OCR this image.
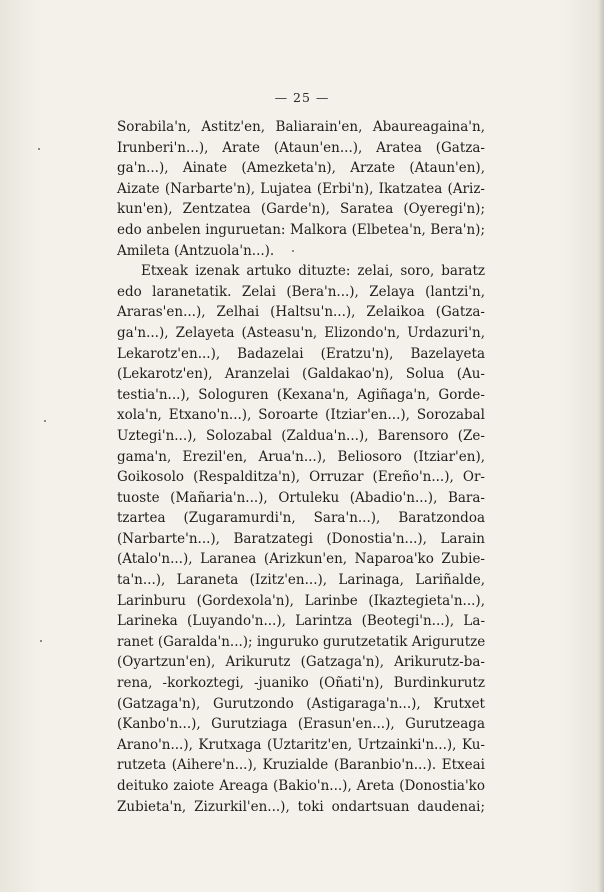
— 25 —
Sorabila'n, Astitz'en, Baliarain'en, Abaureagaina'n,
Irunberi'n...), Arate (Ataun'en...), Aratea (Gatza-
ga'n...), Ainate (Amezketa'n), Arzate (Ataun'en),
Aizate (Narbarte'n), Lujatea (Erbi'n), Ikatzatea (Ariz-
kun'en), Zentzatea (Garde'n), Saratea (Oyeregi'n);
edo anbelen inguruetan: Malkora (Elbetea'n, Bera'n);
Amileta (Antzuola'n...).
Etxeak izenak artuko dituzte: zelai, soro, baratz
edo laranetatik. Zelai (Bera'n...), Zelaya (lantzi'n,
Araras'en...), Zelhai (Haltsu'n...), Zelaikoa (Gatza-
ga'n...), Zelayeta (Asteasu'n, Elizondo'n, Urdazuri'n,
Lekarotz'en...), Badazelai (Eratzu'n), Bazelayeta
(Lekarotz'en), Aranzelai (Galdakao'n), Solua (Au-
testia'n...), Sologuren (Kexana'n, Agiñaga'n, Gorde-
xola'n, Etxano'n...), Soroarte (Itziar'en...), Sorozabal
Uztegi'n...), Solozabal (Zaldua'n...), Barensoro (Ze-
gama'n, Erezil'en, Arua'n...), Beliosoro (Itziar'en),
Goikosolo (Respalditza'n), Orruzar (Ereño'n...), Or-
tuoste (Mañaria'n...), Ortuleku (Abadio'n...), Bara-
tzartea (Zugaramurdi'n, Sara'n...), Baratzondoa
(Narbarte'n...), Baratzategi (Donostia'n...), Larain
(Atalo'n...), Laranea (Arizkun'en, Naparoa'ko Zubie-
ta'n...), Laraneta (Izitz'en...), Larinaga, Lariñalde,
Larinburu (Gordexola'n), Larinbe (Ikaztegieta'n...),
Larineka (Luyando'n...), Larintza (Beotegi'n...), La-
ranet (Garalda'n...); inguruko gurutzetatik Arigurutze
(Oyartzun'en), Arikurutz (Gatzaga'n), Arikurutz-ba-
rena, -korkoztegi, -juaniko (Oñati'n), Burdinkurutz
(Gatzaga'n), Gurutzondo (Astigaraga'n...), Krutxet
(Kanbo'n...), Gurutziaga (Erasun'en...), Gurutzeaga
Arano'n...), Krutxaga (Uztaritz'en, Urtzainki'n...), Ku-
rutzeta (Aihere'n...), Kruzialde (Baranbio'n...). Etxeai
deituko zaiote Areaga (Bakio'n...), Areta (Donostia'ko
Zubieta'n, Zizurkil'en...), toki ondartsuan daudenai;
